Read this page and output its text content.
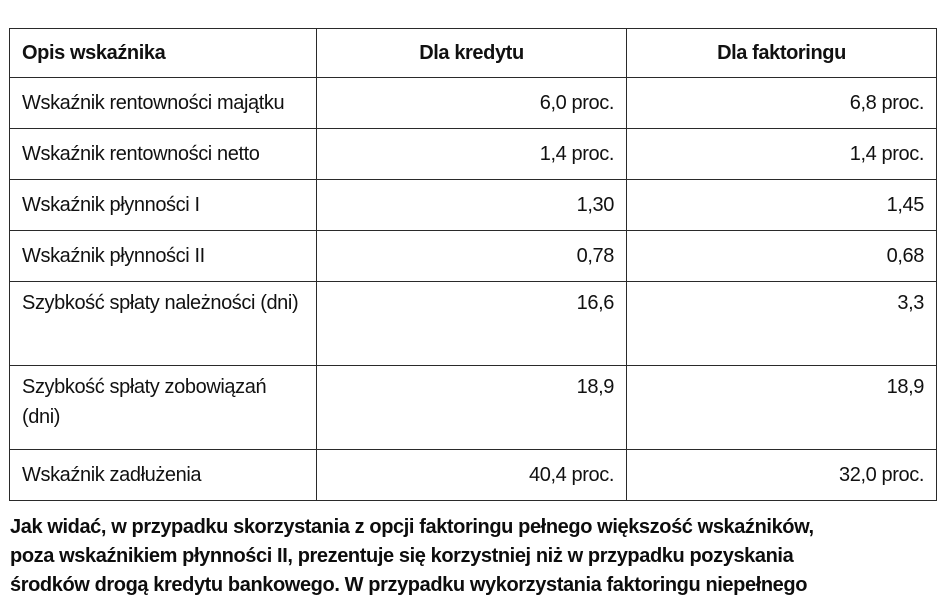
Opis wskaźnika	Dla kredytu	Dla faktoringu
Wskaźnik rentowności majątku	6,0 proc.	6,8 proc.
Wskaźnik rentowności netto	1,4 proc.	1,4 proc.
Wskaźnik płynności I	1,30	1,45
Wskaźnik płynności II	0,78	0,68
Szybkość spłaty należności (dni)	16,6	3,3
Szybkość spłaty zobowiązań (dni)	18,9	18,9
Wskaźnik zadłużenia	40,4 proc.	32,0 proc.
Jak widać, w przypadku skorzystania z opcji faktoringu pełnego większość wskaźników,
poza wskaźnikiem płynności II, prezentuje się korzystniej niż w przypadku pozyskania
środków drogą kredytu bankowego. W przypadku wykorzystania faktoringu niepełnego
